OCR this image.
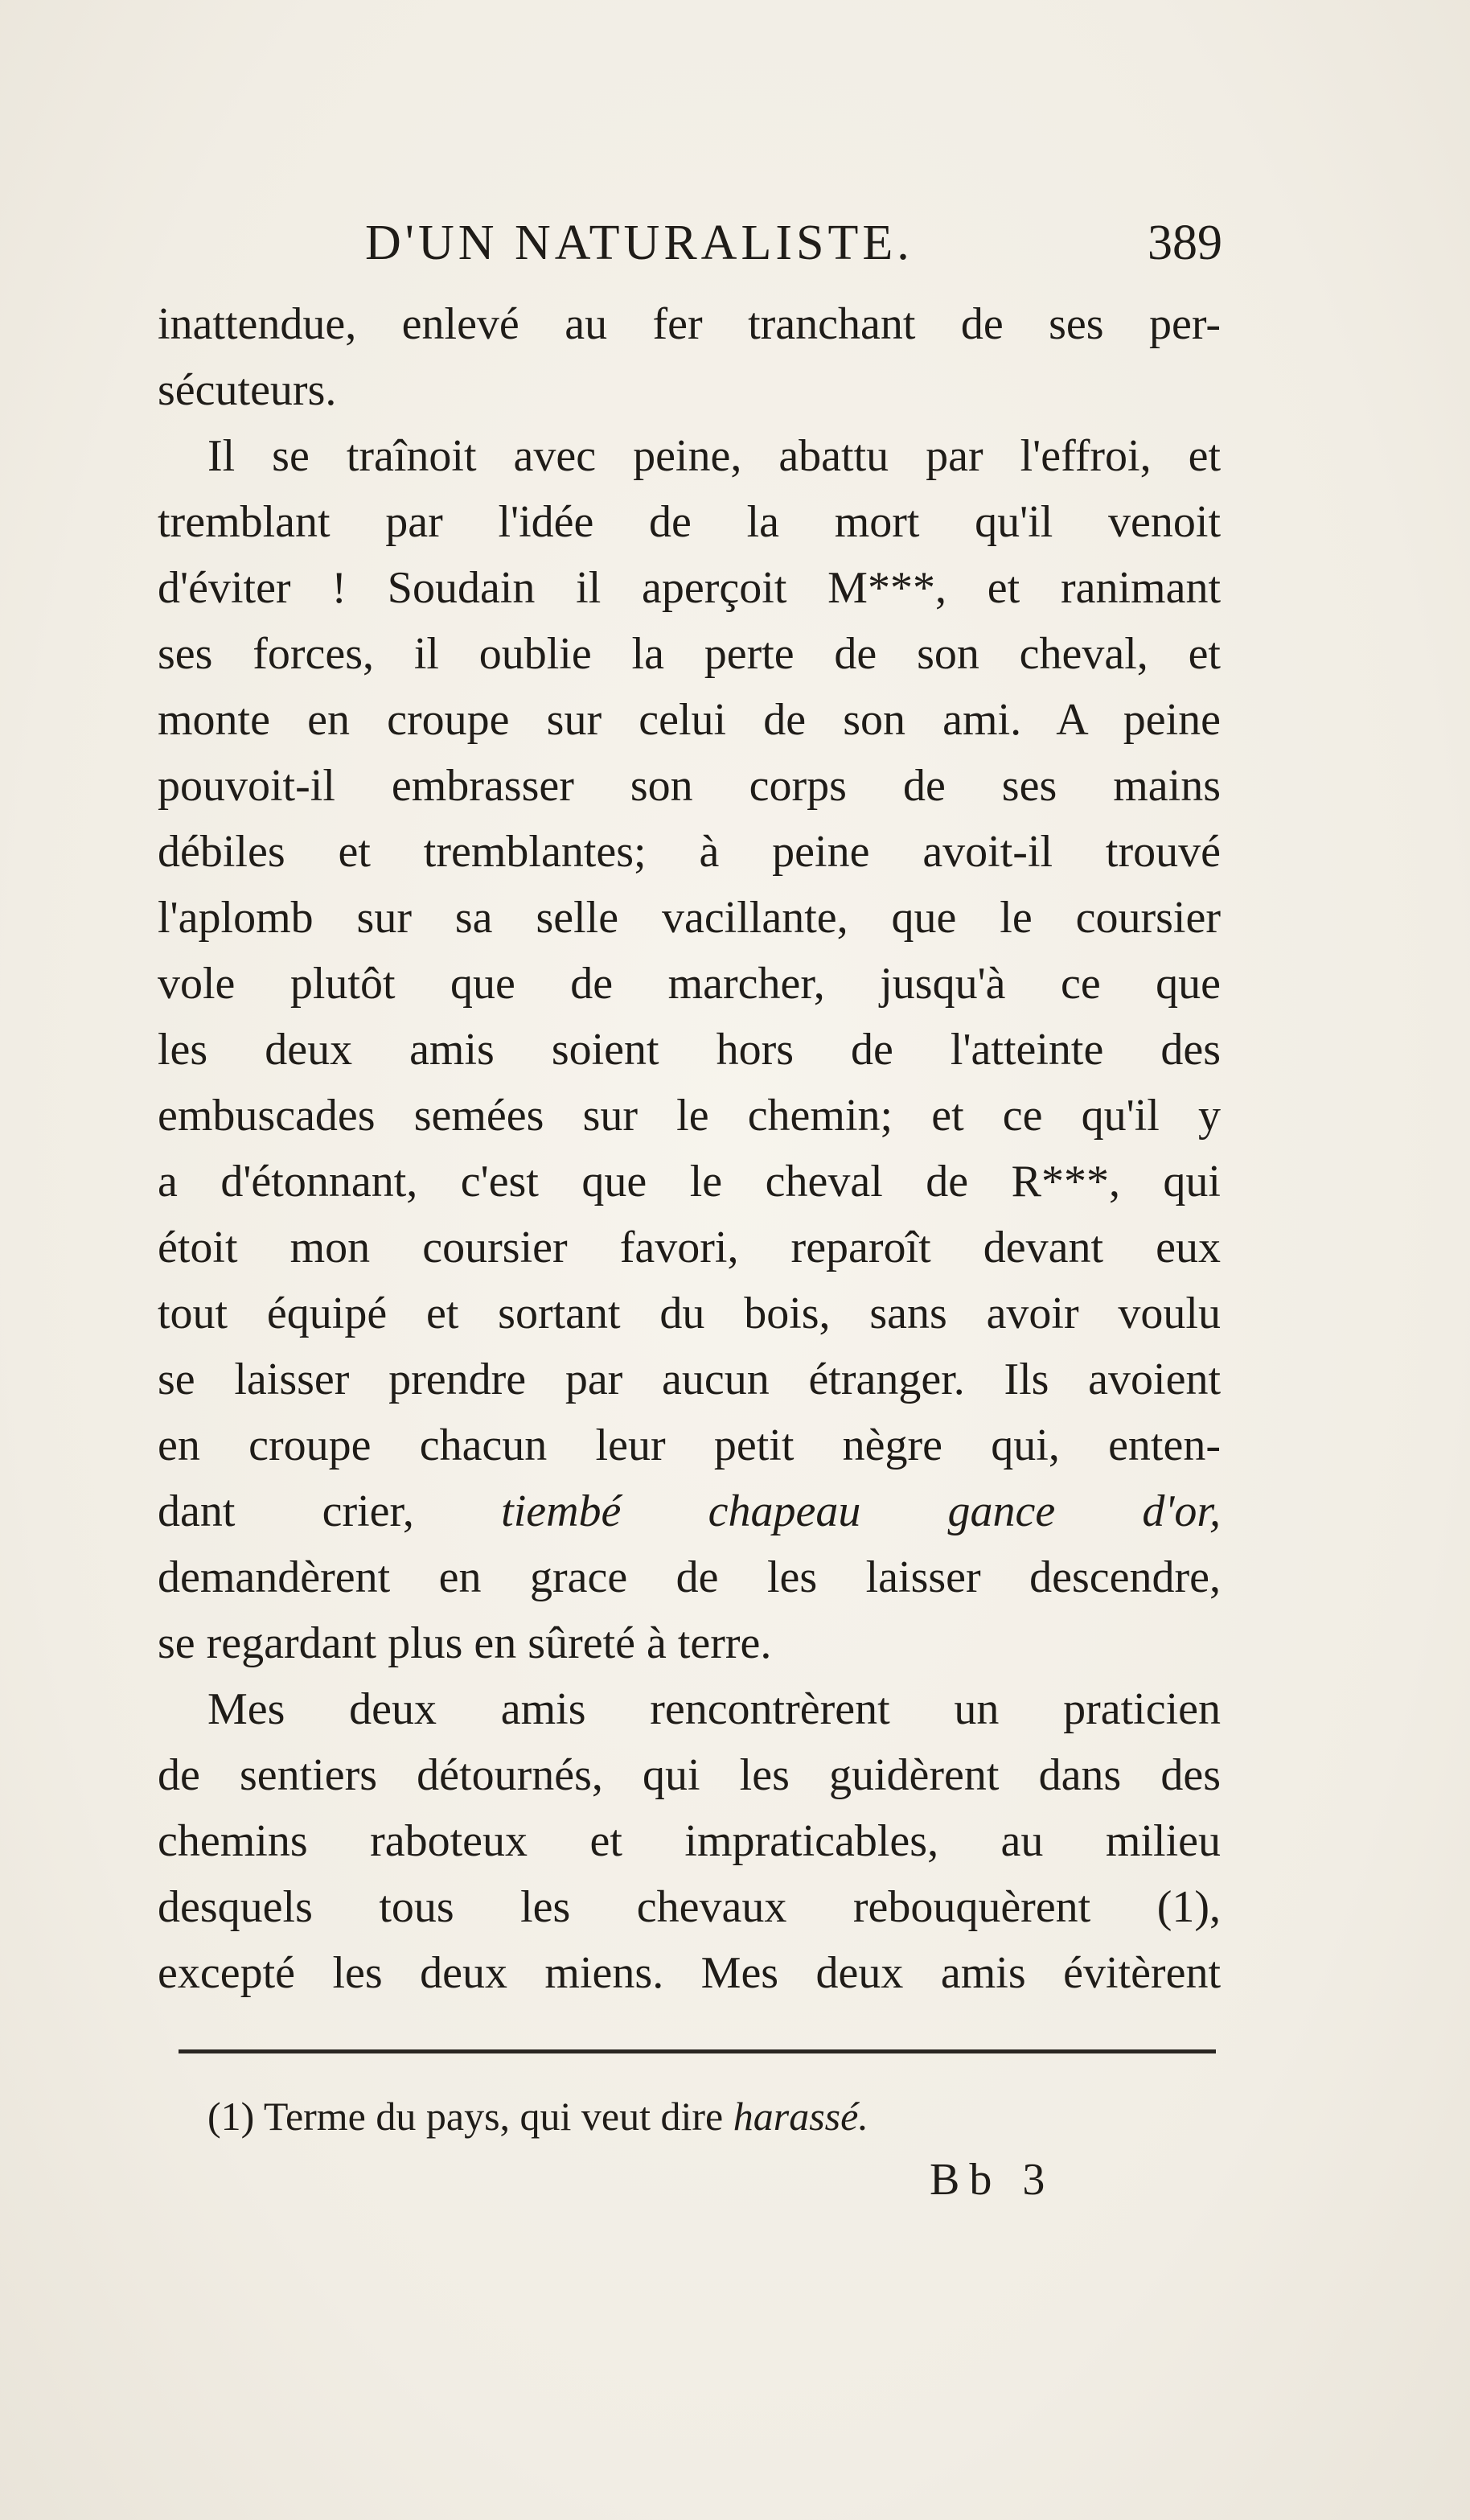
D'UN NATURALISTE.	389
inattendue, enlevé au fer tranchant de ses per-
sécuteurs.
Il se traînoit avec peine, abattu par l'effroi, et
tremblant par l'idée de la mort qu'il venoit
d'éviter ! Soudain il aperçoit M***, et ranimant
ses forces, il oublie la perte de son cheval, et
monte en croupe sur celui de son ami. A peine
pouvoit-il embrasser son corps de ses mains
débiles et tremblantes; à peine avoit-il trouvé
l'aplomb sur sa selle vacillante, que le coursier
vole plutôt que de marcher, jusqu'à ce que
les deux amis soient hors de l'atteinte des
embuscades semées sur le chemin; et ce qu'il y
a d'étonnant, c'est que le cheval de R***, qui
étoit mon coursier favori, reparoît devant eux
tout équipé et sortant du bois, sans avoir voulu
se laisser prendre par aucun étranger. Ils avoient
en croupe chacun leur petit nègre qui, enten-
dant crier, tiembé chapeau gance d'or,
demandèrent en grace de les laisser descendre,
se regardant plus en sûreté à terre.
Mes deux amis rencontrèrent un praticien
de sentiers détournés, qui les guidèrent dans des
chemins raboteux et impraticables, au milieu
desquels tous les chevaux rebouquèrent (1),
excepté les deux miens. Mes deux amis évitèrent
(1) Terme du pays, qui veut dire harassé.
Bb 3
